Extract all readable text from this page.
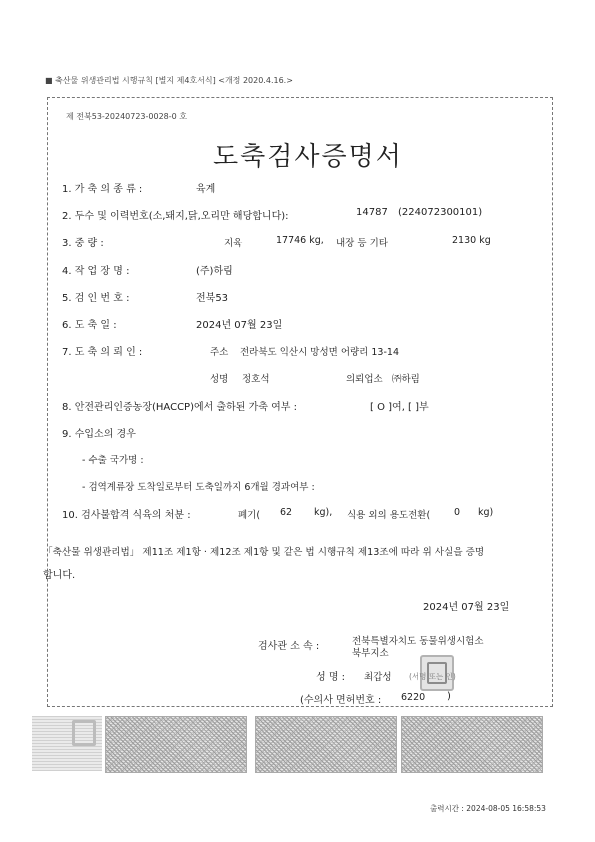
■ 축산물 위생관리법 시행규칙 [별지 제4호서식] <개정 2020.4.16.>
제 전북53-20240723-0028-0 호
도축검사증명서
1. 가 축 의 종 류 :	육계
2. 두수 및 이력번호(소,돼지,닭,오리만 해당합니다):	14787 (224072300101)
3. 중 량 :	지육	17746 kg, 내장 등 기타	2130 kg
4. 작 업 장 명 :	(주)하림
5. 검 인 번 호 :	전북53
6. 도 축 일 :	2024년 07월 23일
7. 도 축 의 뢰 인 :	주소 전라북도 익산시 망성면 어량리 13-14
성명 정호석	의뢰업소 ㈜하림
8. 안전관리인증농장(HACCP)에서 출하된 가축 여부 :	[ O ]여, [ ]부
9. 수입소의 경우
- 수출 국가명 :
- 검역계류장 도착일로부터 도축일까지 6개월 경과여부 :
10. 검사불합격 식육의 처분 :	폐기( 62 kg), 식용 외의 용도전환(	0 kg)
「축산물 위생관리법」 제11조 제1항 · 제12조 제1항 및 같은 법 시행규칙 제13조에 따라 위 사실을 증명
합니다.
2024년 07월 23일
검사관 소 속 :	전북특별자치도 동물위생시험소
북부지소
성 명 : 최갑성 (서명 또는 인)
(수의사 면허번호 : 6220 )
출력시간 : 2024-08-05 16:58:53
